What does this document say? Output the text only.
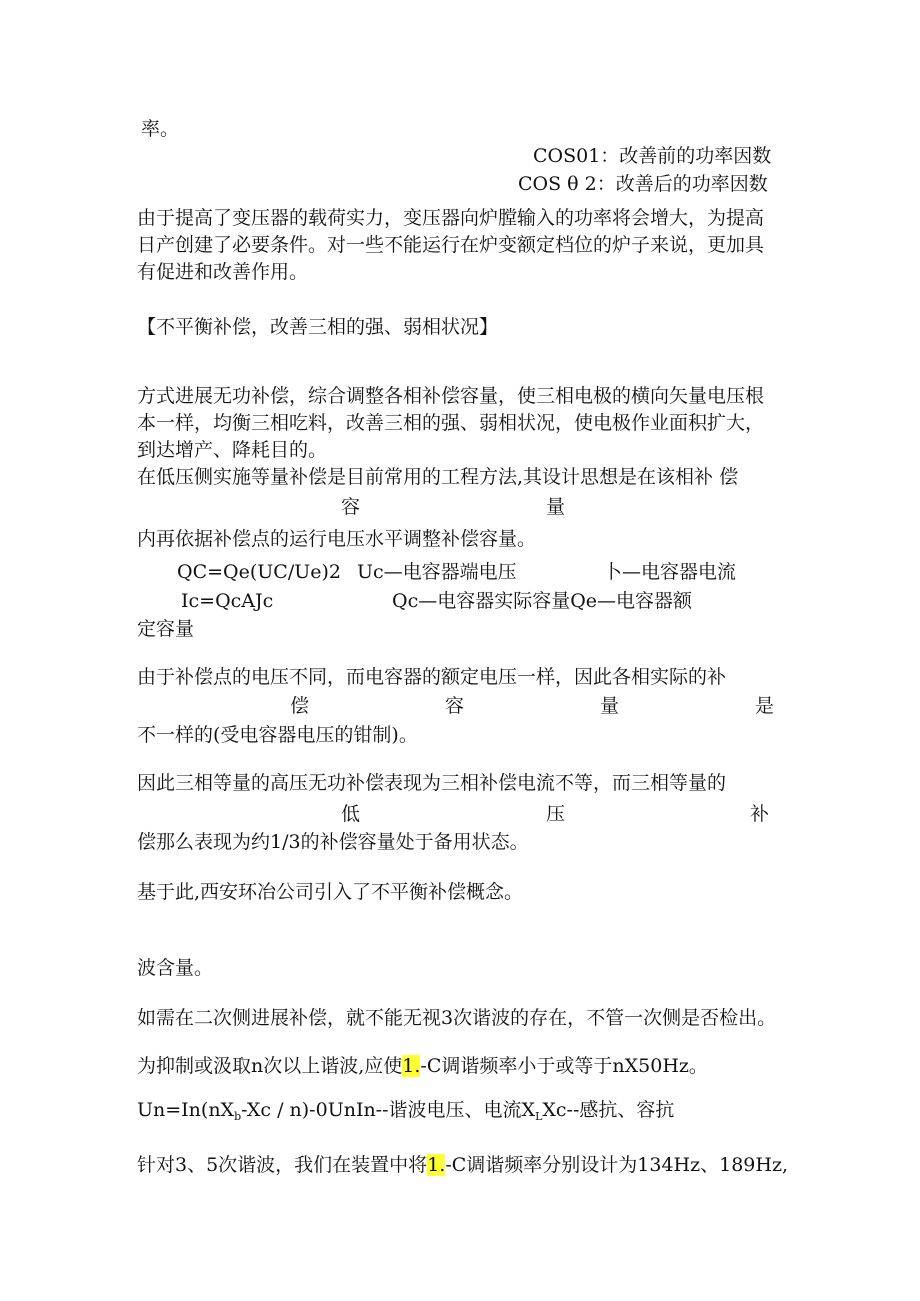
率。
COS01：改善前的功率因数
COS θ 2：改善后的功率因数
由于提高了变压器的载荷实力，变压器向炉膛输入的功率将会增大，为提高
日产创建了必要条件。对一些不能运行在炉变额定档位的炉子来说，更加具
有促进和改善作用。
【不平衡补偿，改善三相的强、弱相状况】
方式进展无功补偿，综合调整各相补偿容量，使三相电极的横向矢量电压根
本一样，均衡三相吃料，改善三相的强、弱相状况，使电极作业面积扩大，
到达增产、降耗目的。
在低压侧实施等量补偿是目前常用的工程方法,其设计思想是在该相补 偿
容	量
内再依据补偿点的运行电压水平调整补偿容量。
QC=Qe(UC/Ue)2 Uc—电容器端电压	卜—电容器电流
Ic=QcAJc	Qc—电容器实际容量Qe—电容器额
定容量
由于补偿点的电压不同，而电容器的额定电压一样，因此各相实际的补
偿	容	量	是
不一样的(受电容器电压的钳制)。
因此三相等量的高压无功补偿表现为三相补偿电流不等，而三相等量的
低	压	补
偿那么表现为约1/3的补偿容量处于备用状态。
基于此,西安环冶公司引入了不平衡补偿概念。
波含量。
如需在二次侧进展补偿，就不能无视3次谐波的存在，不管一次侧是否检出。
为抑制或汲取n次以上谐波,应使1.-C调谐频率小于或等于nX50Hz。
$Un=In(nX_b-Xc$ / n)-0UnIn--谐波电压、电流$X_LXc--$感抗、容抗
针对3、5次谐波，我们在装置中将1.-C调谐频率分别设计为134Hz、189Hz,
